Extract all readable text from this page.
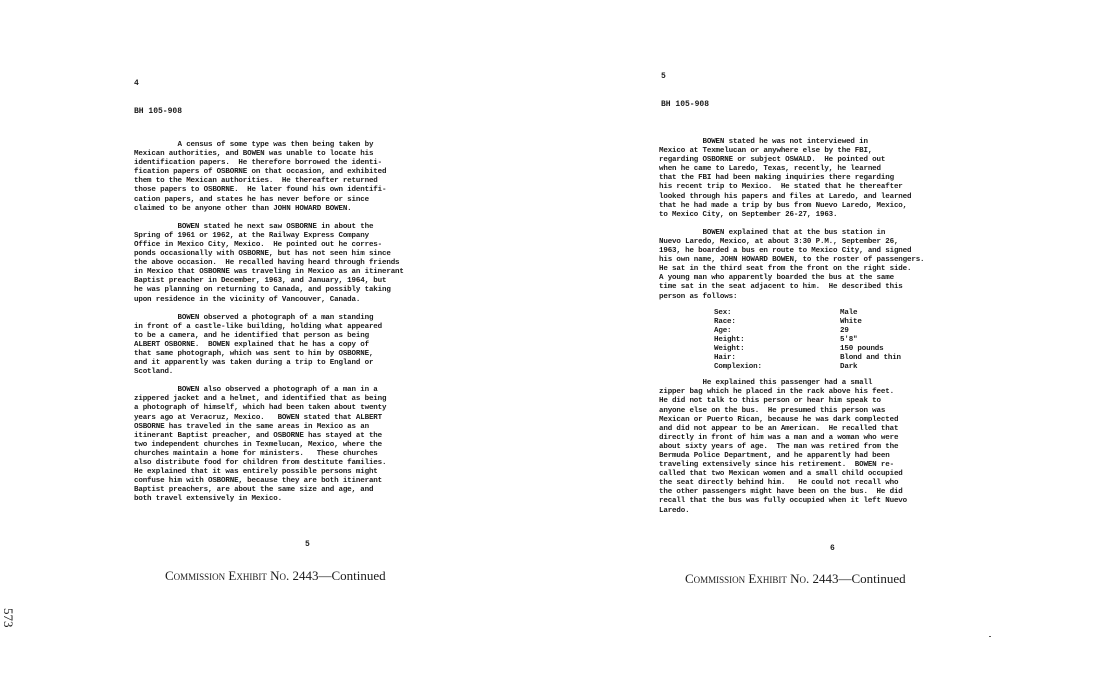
4
BH 105-908

A census of some type was then being taken by
Mexican authorities, and BOWEN was unable to locate his
identification papers.  He therefore borrowed the identi-
fication papers of OSBORNE on that occasion, and exhibited
them to the Mexican authorities.  He thereafter returned
those papers to OSBORNE.  He later found his own identifi-
cation papers, and states he has never before or since
claimed to be anyone other than JOHN HOWARD BOWEN.

BOWEN stated he next saw OSBORNE in about the
Spring of 1961 or 1962, at the Railway Express Company
Office in Mexico City, Mexico.  He pointed out he corres-
ponds occasionally with OSBORNE, but has not seen him since
the above occasion.  He recalled having heard through friends
in Mexico that OSBORNE was traveling in Mexico as an itinerant
Baptist preacher in December, 1963, and January, 1964, but
he was planning on returning to Canada, and possibly taking
upon residence in the vicinity of Vancouver, Canada.

BOWEN observed a photograph of a man standing
in front of a castle-like building, holding what appeared
to be a camera, and he identified that person as being
ALBERT OSBORNE.  BOWEN explained that he has a copy of
that same photograph, which was sent to him by OSBORNE,
and it apparently was taken during a trip to England or
Scotland.

BOWEN also observed a photograph of a man in a
zippered jacket and a helmet, and identified that as being
a photograph of himself, which had been taken about twenty
years ago at Veracruz, Mexico.   BOWEN stated that ALBERT
OSBORNE has traveled in the same areas in Mexico as an
itinerant Baptist preacher, and OSBORNE has stayed at the
two independent churches in Texmelucan, Mexico, where the
churches maintain a home for ministers.   These churches
also distribute food for children from destitute families.
He explained that it was entirely possible persons might
confuse him with OSBORNE, because they are both itinerant
Baptist preachers, are about the same size and age, and
both travel extensively in Mexico.

5
Commission Exhibit No. 2443—Continued
5
BH 105-908

BOWEN stated he was not interviewed in
Mexico at Texmelucan or anywhere else by the FBI,
regarding OSBORNE or subject OSWALD.  He pointed out
when he came to Laredo, Texas, recently, he learned
that the FBI had been making inquiries there regarding
his recent trip to Mexico.  He stated that he thereafter
looked through his papers and files at Laredo, and learned
that he had made a trip by bus from Nuevo Laredo, Mexico,
to Mexico City, on September 26-27, 1963.

BOWEN explained that at the bus station in
Nuevo Laredo, Mexico, at about 3:30 P.M., September 26,
1963, he boarded a bus en route to Mexico City, and signed
his own name, JOHN HOWARD BOWEN, to the roster of passengers.
He sat in the third seat from the front on the right side.
A young man who apparently boarded the bus at the same
time sat in the seat adjacent to him.  He described this
person as follows:

Sex:	Male
Race:	White
Age:	29
Height:	5'8"
Weight:	150 pounds
Hair:	Blond and thin
Complexion:	Dark

He explained this passenger had a small
zipper bag which he placed in the rack above his feet.
He did not talk to this person or hear him speak to
anyone else on the bus.  He presumed this person was
Mexican or Puerto Rican, because he was dark complected
and did not appear to be an American.  He recalled that
directly in front of him was a man and a woman who were
about sixty years of age.  The man was retired from the
Bermuda Police Department, and he apparently had been
traveling extensively since his retirement.  BOWEN re-
called that two Mexican women and a small child occupied
the seat directly behind him.   He could not recall who
the other passengers might have been on the bus.  He did
recall that the bus was fully occupied when it left Nuevo
Laredo.

6
Commission Exhibit No. 2443—Continued
573
